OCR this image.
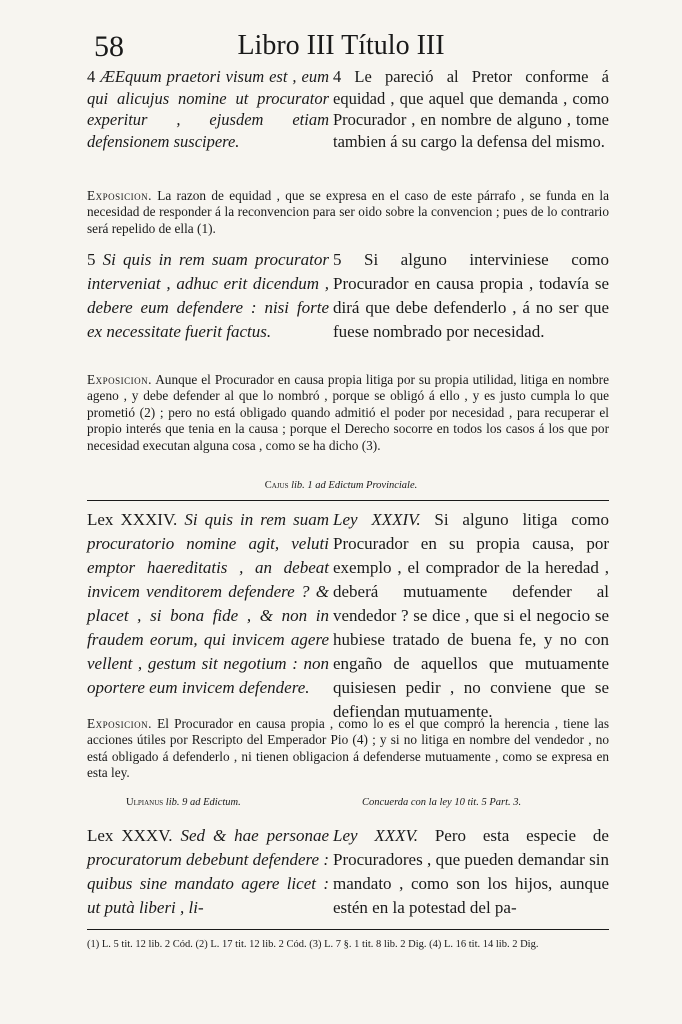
58	Libro III Título III

4 ÆEquum praetori visum est , eum qui alicujus nomine ut procurator experitur , ejusdem etiam defensionem suscipere.

4 Le pareció al Pretor conforme á equidad , que aquel que demanda , como Procurador , en nombre de alguno , tome tambien á su cargo la defensa del mismo.

Exposicion. La razon de equidad , que se expresa en el caso de este párrafo , se funda en la necesidad de responder á la reconvencion para ser oido sobre la convencion ; pues de lo contrario será repelido de ella (1).

5 Si quis in rem suam procurator interveniat , adhuc erit dicendum , debere eum defendere : nisi forte ex necessitate fuerit factus.

5 Si alguno interviniese como Procurador en causa propia , todavía se dirá que debe defenderlo , á no ser que fuese nombrado por necesidad.

Exposicion. Aunque el Procurador en causa propia litiga por su propia utilidad, litiga en nombre ageno , y debe defender al que lo nombró , porque se obligó á ello , y es justo cumpla lo que prometió (2) ; pero no está obligado quando admitió el poder por necesidad , para recuperar el propio interés que tenia en la causa ; porque el Derecho socorre en todos los casos á los que por necesidad executan alguna cosa , como se ha dicho (3).
Cajus lib. 1 ad Edictum Provinciale.

Lex XXXIV. Si quis in rem suam procuratorio nomine agit, veluti emptor haereditatis , an debeat invicem venditorem defendere ? & placet , si bona fide , & non in fraudem eorum, qui invicem agere vellent , gestum sit negotium : non oportere eum invicem defendere.

Ley XXXIV. Si alguno litiga como Procurador en su propia causa, por exemplo , el comprador de la heredad , deberá mutuamente defender al vendedor ? se dice , que si el negocio se hubiese tratado de buena fe, y no con engaño de aquellos que mutuamente quisiesen pedir , no conviene que se defiendan mutuamente.

Exposicion. El Procurador en causa propia , como lo es el que compró la herencia , tiene las acciones útiles por Rescripto del Emperador Pio (4) ; y si no litiga en nombre del vendedor , no está obligado á defenderlo , ni tienen obligacion á defenderse mutuamente , como se expresa en esta ley.
Ulpianus lib. 9 ad Edictum.	Concuerda con la ley 10 tit. 5 Part. 3.

Lex XXXV. Sed & hae personae procuratorum debebunt defendere : quibus sine mandato agere licet : ut putà liberi , li-

Ley XXXV. Pero esta especie de Procuradores , que pueden demandar sin mandato , como son los hijos, aunque estén en la potestad del pa-

(1) L. 5 tit. 12 lib. 2 Cód. (2) L. 17 tit. 12 lib. 2 Cód. (3) L. 7 §. 1 tit. 8 lib. 2 Dig. (4) L. 16 tit. 14 lib. 2 Dig.
